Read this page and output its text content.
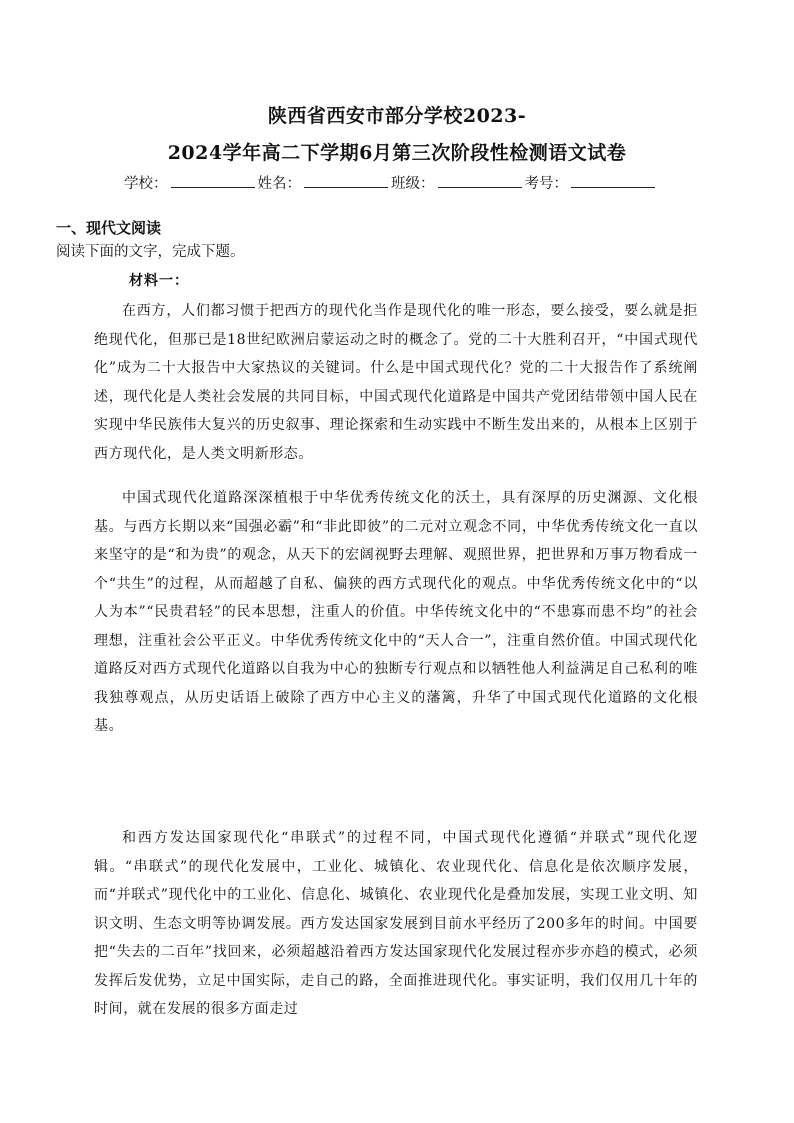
陕西省西安市部分学校2023-
2024学年高二下学期6月第三次阶段性检测语文试卷
学校：	姓名：	班级：	考号：
一、现代文阅读
阅读下面的文字，完成下题。
材料一：

在西方，人们都习惯于把西方的现代化当作是现代化的唯一形态，要么接受，要么就是拒绝现代化，但那已是18世纪欧洲启蒙运动之时的概念了。党的二十大胜利召开，“中国式现代化”成为二十大报告中大家热议的关键词。什么是中国式现代化？党的二十大报告作了系统阐述，现代化是人类社会发展的共同目标，中国式现代化道路是中国共产党团结带领中国人民在实现中华民族伟大复兴的历史叙事、理论探索和生动实践中不断生发出来的，从根本上区别于西方现代化，是人类文明新形态。

中国式现代化道路深深植根于中华优秀传统文化的沃土，具有深厚的历史渊源、文化根基。与西方长期以来“国强必霸”和“非此即彼”的二元对立观念不同，中华优秀传统文化一直以来坚守的是“和为贵”的观念，从天下的宏阔视野去理解、观照世界，把世界和万事万物看成一个“共生”的过程，从而超越了自私、偏狭的西方式现代化的观点。中华优秀传统文化中的“以人为本”“民贵君轻”的民本思想，注重人的价值。中华传统文化中的“不患寡而患不均”的社会理想，注重社会公平正义。中华优秀传统文化中的“天人合一”，注重自然价值。中国式现代化道路反对西方式现代化道路以自我为中心的独断专行观点和以牺牲他人利益满足自己私利的唯我独尊观点，从历史话语上破除了西方中心主义的藩篱，升华了中国式现代化道路的文化根基。

和西方发达国家现代化“串联式”的过程不同，中国式现代化遵循“并联式”现代化逻辑。“串联式”的现代化发展中，工业化、城镇化、农业现代化、信息化是依次顺序发展，而“并联式”现代化中的工业化、信息化、城镇化、农业现代化是叠加发展，实现工业文明、知识文明、生态文明等协调发展。西方发达国家发展到目前水平经历了200多年的时间。中国要把“失去的二百年”找回来，必须超越沿着西方发达国家现代化发展过程亦步亦趋的模式，必须发挥后发优势，立足中国实际，走自己的路，全面推进现代化。事实证明，我们仅用几十年的时间，就在发展的很多方面走过
